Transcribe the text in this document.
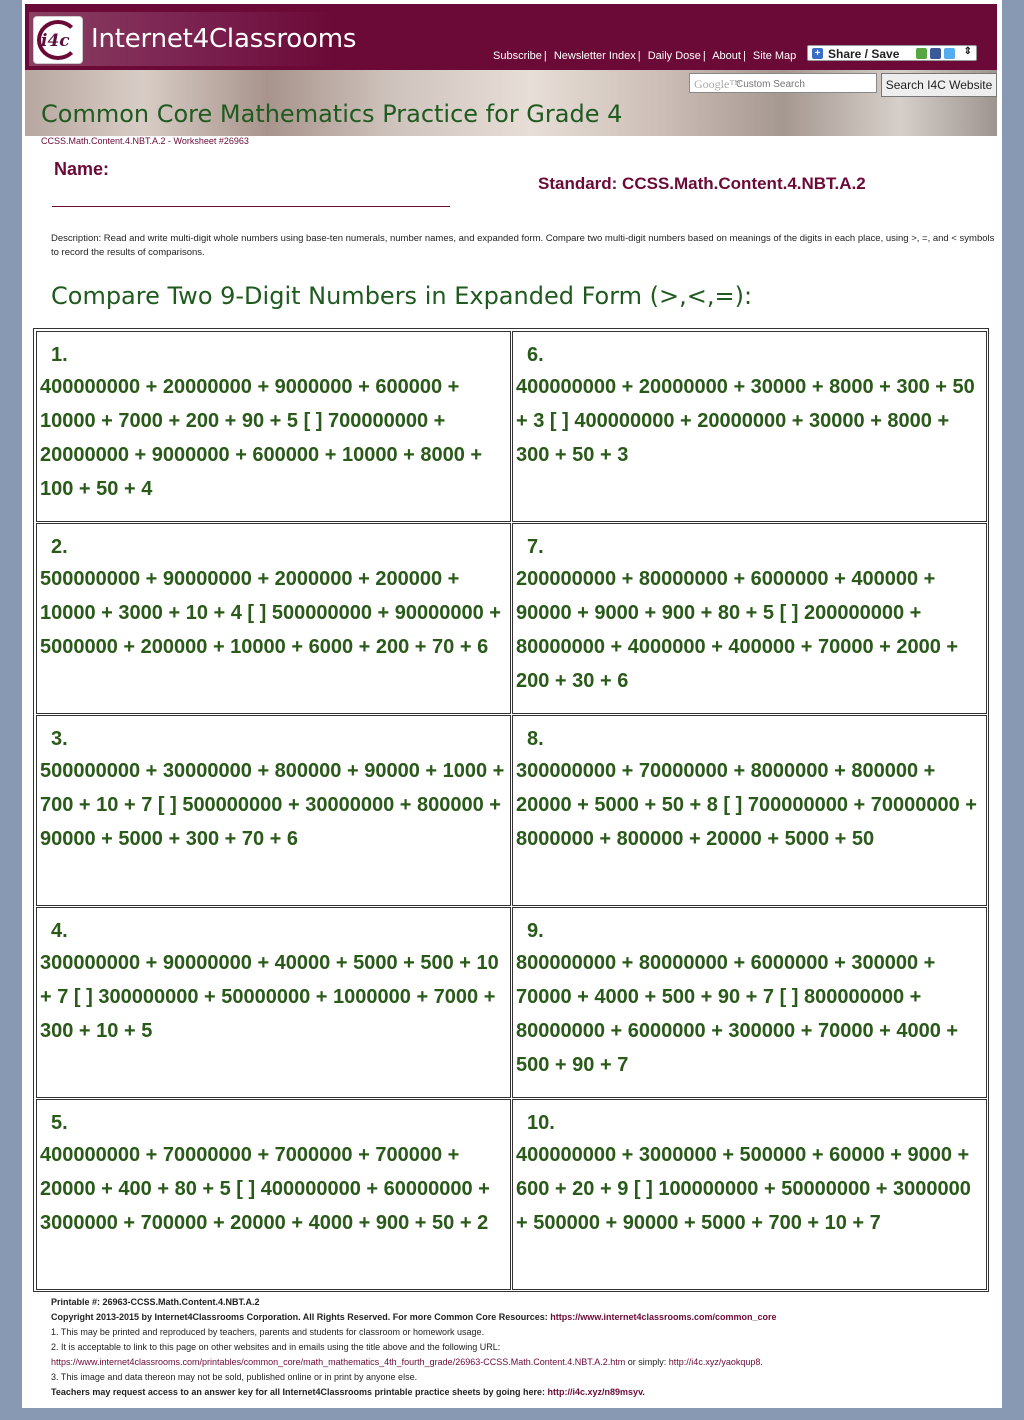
i4c Internet4Classrooms
Subscribe | Newsletter Index | Daily Dose | About | Site Map + Share / Save	⇕
Google™
Custom Search	Search I4C Website
Common Core Mathematics Practice for Grade 4
CCSS.Math.Content.4.NBT.A.2 - Worksheet #26963
Name:
Standard: CCSS.Math.Content.4.NBT.A.2
Description: Read and write multi-digit whole numbers using base-ten numerals, number names, and expanded form. Compare two multi-digit numbers based on meanings of the digits in each place, using >, =, and < symbols to record the results of comparisons.
Compare Two 9-Digit Numbers in Expanded Form (>,<,=):
1.
400000000 + 20000000 + 9000000 + 600000 + 10000 + 7000 + 200 + 90 + 5 [ ] 700000000 + 20000000 + 9000000 + 600000 + 10000 + 8000 + 100 + 50 + 4
6.
400000000 + 20000000 + 30000 + 8000 + 300 + 50 + 3 [ ] 400000000 + 20000000 + 30000 + 8000 + 300 + 50 + 3
2.
500000000 + 90000000 + 2000000 + 200000 + 10000 + 3000 + 10 + 4 [ ] 500000000 + 90000000 + 5000000 + 200000 + 10000 + 6000 + 200 + 70 + 6
7.
200000000 + 80000000 + 6000000 + 400000 + 90000 + 9000 + 900 + 80 + 5 [ ] 200000000 + 80000000 + 4000000 + 400000 + 70000 + 2000 + 200 + 30 + 6
3.
500000000 + 30000000 + 800000 + 90000 + 1000 + 700 + 10 + 7 [ ] 500000000 + 30000000 + 800000 + 90000 + 5000 + 300 + 70 + 6
8.
300000000 + 70000000 + 8000000 + 800000 + 20000 + 5000 + 50 + 8 [ ] 700000000 + 70000000 + 8000000 + 800000 + 20000 + 5000 + 50
4.
300000000 + 90000000 + 40000 + 5000 + 500 + 10 + 7 [ ] 300000000 + 50000000 + 1000000 + 7000 + 300 + 10 + 5
9.
800000000 + 80000000 + 6000000 + 300000 + 70000 + 4000 + 500 + 90 + 7 [ ] 800000000 + 80000000 + 6000000 + 300000 + 70000 + 4000 + 500 + 90 + 7
5.
400000000 + 70000000 + 7000000 + 700000 + 20000 + 400 + 80 + 5 [ ] 400000000 + 60000000 + 3000000 + 700000 + 20000 + 4000 + 900 + 50 + 2
10.
400000000 + 3000000 + 500000 + 60000 + 9000 + 600 + 20 + 9 [ ] 100000000 + 50000000 + 3000000 + 500000 + 90000 + 5000 + 700 + 10 + 7
Printable #: 26963-CCSS.Math.Content.4.NBT.A.2
Copyright 2013-2015 by Internet4Classrooms Corporation. All Rights Reserved. For more Common Core Resources: https://www.internet4classrooms.com/common_core
1. This may be printed and reproduced by teachers, parents and students for classroom or homework usage.
2. It is acceptable to link to this page on other websites and in emails using the title above and the following URL:
https://www.internet4classrooms.com/printables/common_core/math_mathematics_4th_fourth_grade/26963-CCSS.Math.Content.4.NBT.A.2.htm or simply: http://i4c.xyz/yaokqup8.
3. This image and data thereon may not be sold, published online or in print by anyone else.
Teachers may request access to an answer key for all Internet4Classrooms printable practice sheets by going here: http://i4c.xyz/n89msyv.
